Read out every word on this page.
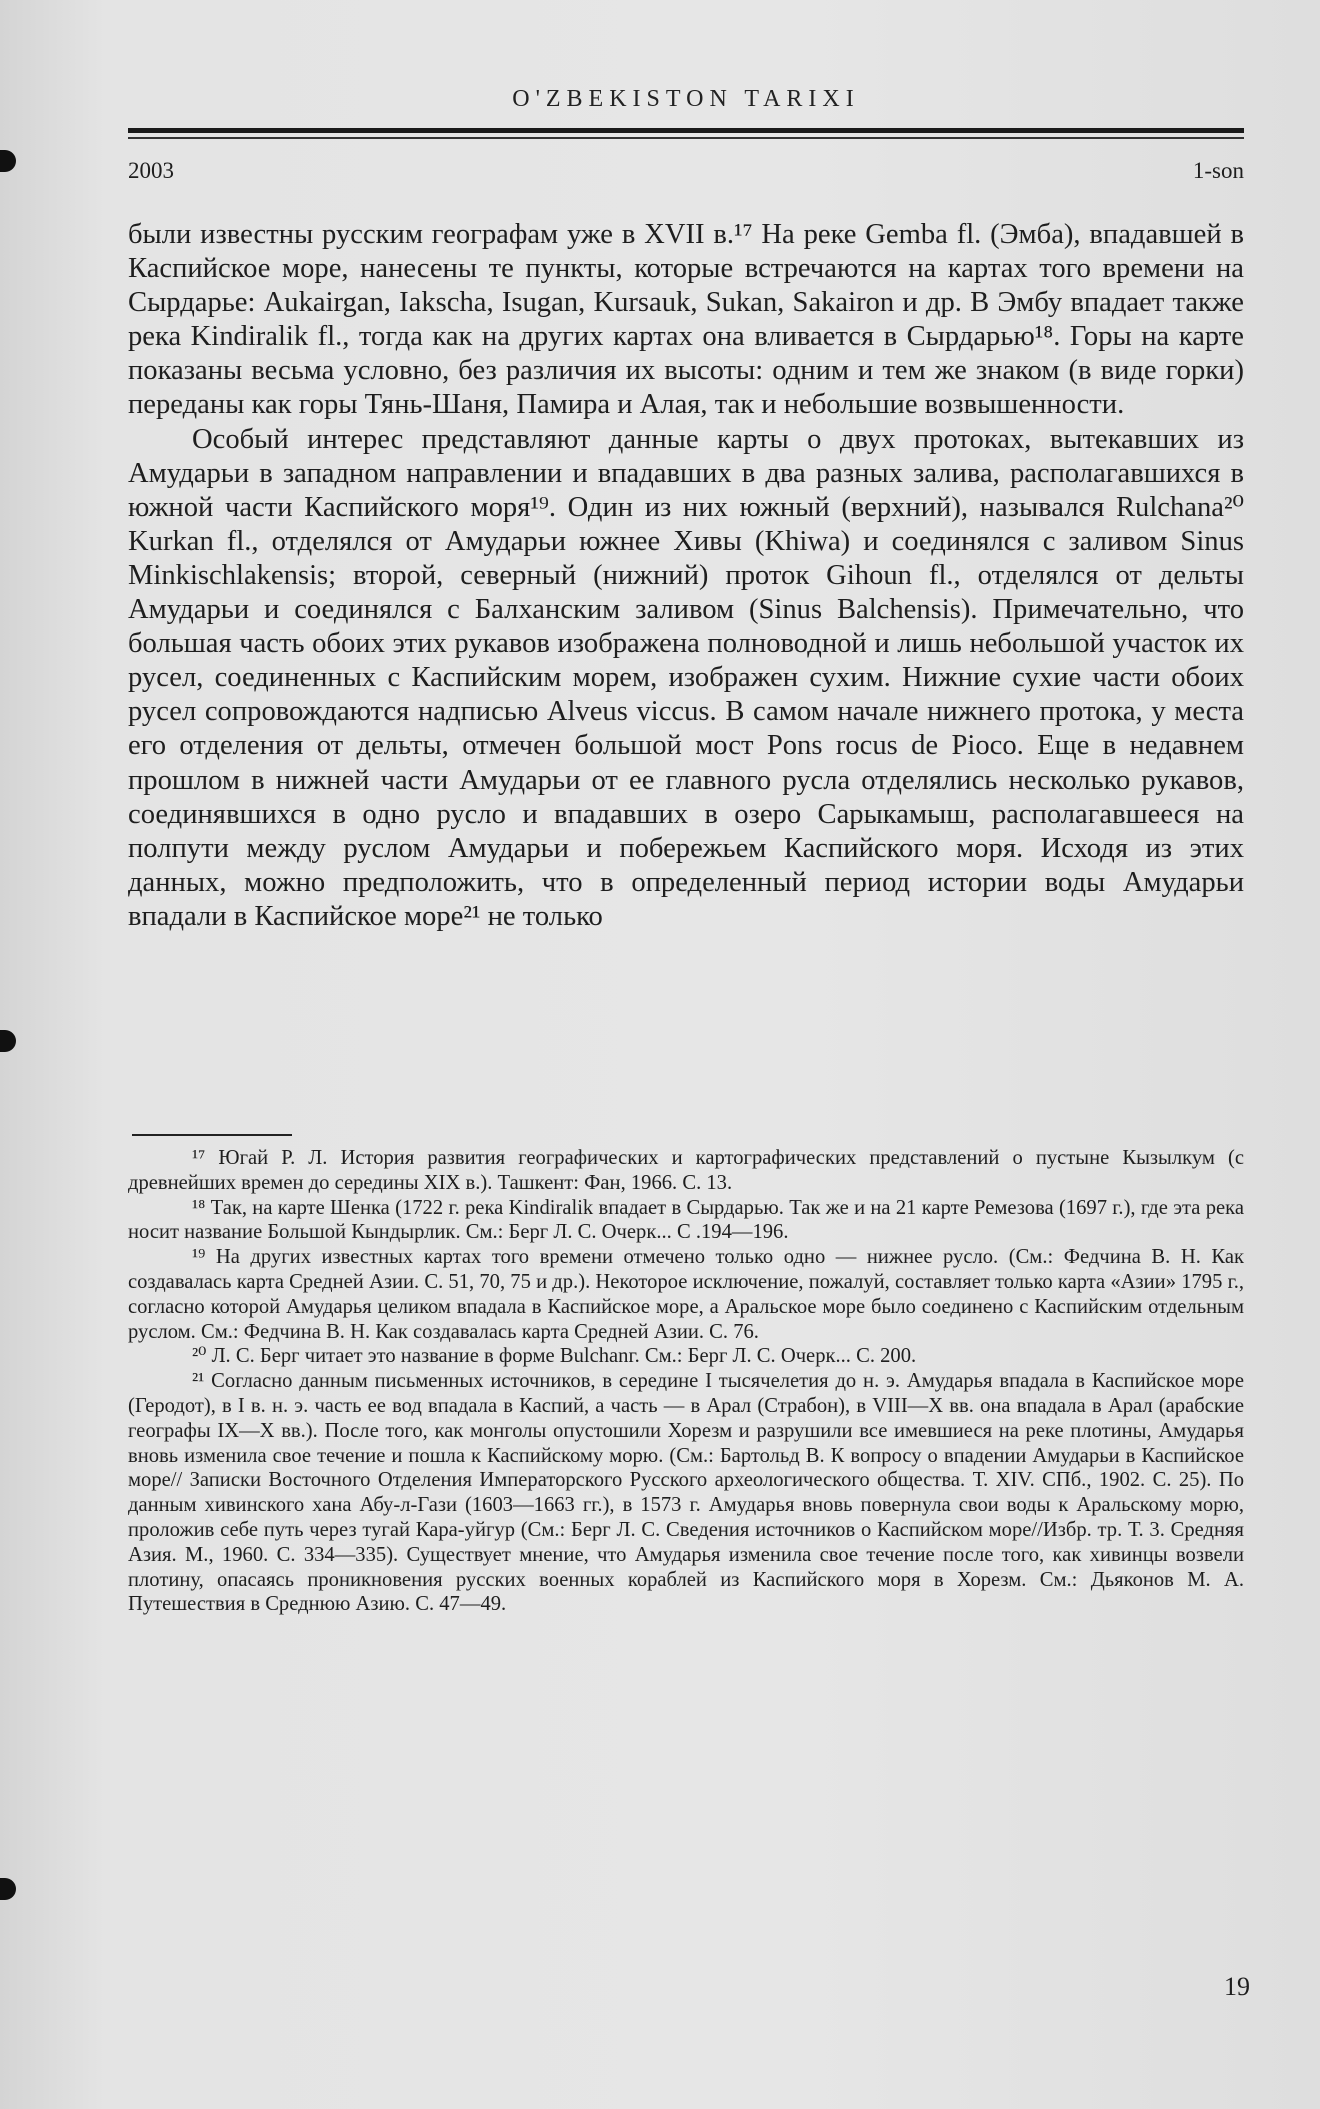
O'ZBEKISTON TARIXI
2003	1-son

были известны русским географам уже в XVII в.¹⁷ На реке Gemba fl. (Эмба), впадавшей в Каспийское море, нанесены те пункты, которые встречаются на картах того времени на Сырдарье: Aukairgan, Iakscha, Isugan, Kursauk, Sukan, Sakairon и др. В Эмбу впадает также река Kindiralik fl., тогда как на других картах она вливается в Сырдарью¹⁸. Горы на карте показаны весьма условно, без различия их высоты: одним и тем же знаком (в виде горки) переданы как горы Тянь-Шаня, Памира и Алая, так и небольшие возвышенности.

Особый интерес представляют данные карты о двух протоках, вытекавших из Амударьи в западном направлении и впадавших в два разных залива, располагавшихся в южной части Каспийского моря¹⁹. Один из них южный (верхний), назывался Rulchana²⁰ Kurkan fl., отделялся от Амударьи южнее Хивы (Khiwa) и соединялся с заливом Sinus Minkischlakensis; второй, северный (нижний) проток Gihoun fl., отделялся от дельты Амударьи и соединялся с Балханским заливом (Sinus Balchensis). Примечательно, что большая часть обоих этих рукавов изображена полноводной и лишь небольшой участок их русел, соединенных с Каспийским морем, изображен сухим. Нижние сухие части обоих русел сопровождаются надписью Alveus viccus. В самом начале нижнего протока, у места его отделения от дельты, отмечен большой мост Pons rocus de Pioco. Еще в недавнем прошлом в нижней части Амударьи от ее главного русла отделялись несколько рукавов, соединявшихся в одно русло и впадавших в озеро Сарыкамыш, располагавшееся на полпути между руслом Амударьи и побережьем Каспийского моря. Исходя из этих данных, можно предположить, что в определенный период истории воды Амударьи впадали в Каспийское море²¹ не только

¹⁷ Югай Р. Л. История развития географических и картографических представлений о пустыне Кызылкум (с древнейших времен до середины XIX в.). Ташкент: Фан, 1966. С. 13.

¹⁸ Так, на карте Шенка (1722 г. река Kindiralik впадает в Сырдарью. Так же и на 21 карте Ремезова (1697 г.), где эта река носит название Большой Кындырлик. См.: Берг Л. С. Очерк... С .194—196.

¹⁹ На других известных картах того времени отмечено только одно — нижнее русло. (См.: Федчина В. Н. Как создавалась карта Средней Азии. С. 51, 70, 75 и др.). Некоторое исключение, пожалуй, составляет только карта «Азии» 1795 г., согласно которой Амударья целиком впадала в Каспийское море, а Аральское море было соединено с Каспийским отдельным руслом. См.: Федчина В. Н. Как создавалась карта Средней Азии. С. 76.

²⁰ Л. С. Берг читает это название в форме Bulchanг. См.: Берг Л. С. Очерк... С. 200.

²¹ Согласно данным письменных источников, в середине I тысячелетия до н. э. Амударья впадала в Каспийское море (Геродот), в I в. н. э. часть ее вод впадала в Каспий, а часть — в Арал (Страбон), в VIII—X вв. она впадала в Арал (арабские географы IX—X вв.). После того, как монголы опустошили Хорезм и разрушили все имевшиеся на реке плотины, Амударья вновь изменила свое течение и пошла к Каспийскому морю. (См.: Бартольд В. К вопросу о впадении Амударьи в Каспийское море// Записки Восточного Отделения Императорского Русского археологического общества. Т. XIV. СПб., 1902. С. 25). По данным хивинского хана Абу-л-Гази (1603—1663 гг.), в 1573 г. Амударья вновь повернула свои воды к Аральскому морю, проложив себе путь через тугай Кара-уйгур (См.: Берг Л. С. Сведения источников о Каспийском море//Избр. тр. Т. 3. Средняя Азия. М., 1960. С. 334—335). Существует мнение, что Амударья изменила свое течение после того, как хивинцы возвели плотину, опасаясь проникновения русских военных кораблей из Каспийского моря в Хорезм. См.: Дьяконов М. А. Путешествия в Среднюю Азию. С. 47—49.

19
